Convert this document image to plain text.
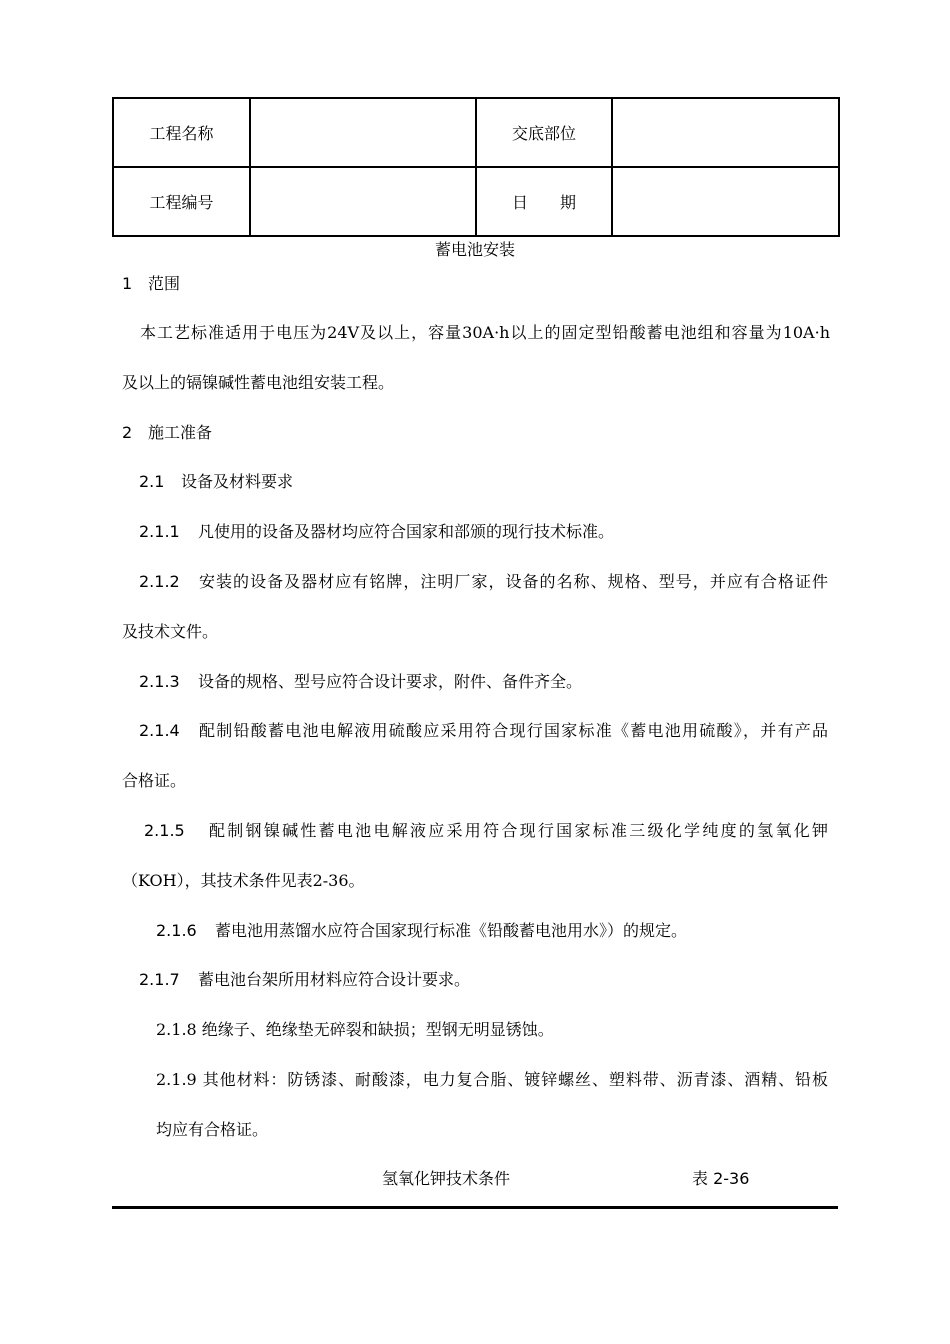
工程名称		交底部位	
工程编号		日　　期	
蓄电池安装
1 范围
本工艺标准适用于电压为24V及以上，容量30A·h以上的固定型铅酸蓄电池组和容量为10A·h
及以上的镉镍碱性蓄电池组安装工程。
2 施工准备
2.1 设备及材料要求
2.1.1 凡使用的设备及器材均应符合国家和部颁的现行技术标准。
2.1.2 安装的设备及器材应有铭牌，注明厂家，设备的名称、规格、型号，并应有合格证件
及技术文件。
2.1.3 设备的规格、型号应符合设计要求，附件、备件齐全。
2.1.4 配制铅酸蓄电池电解液用硫酸应采用符合现行国家标准《蓄电池用硫酸》，并有产品
合格证。
2.1.5 配制钢镍碱性蓄电池电解液应采用符合现行国家标准三级化学纯度的氢氧化钾
（KOH），其技术条件见表2-36。
2.1.6 蓄电池用蒸馏水应符合国家现行标准《铅酸蓄电池用水》）的规定。
2.1.7 蓄电池台架所用材料应符合设计要求。
2.1.8 绝缘子、绝缘垫无碎裂和缺损；型钢无明显锈蚀。
2.1.9 其他材料：防锈漆、耐酸漆，电力复合脂、镀锌螺丝、塑料带、沥青漆、酒精、铅板
均应有合格证。
氢氧化钾技术条件	表 2-36
